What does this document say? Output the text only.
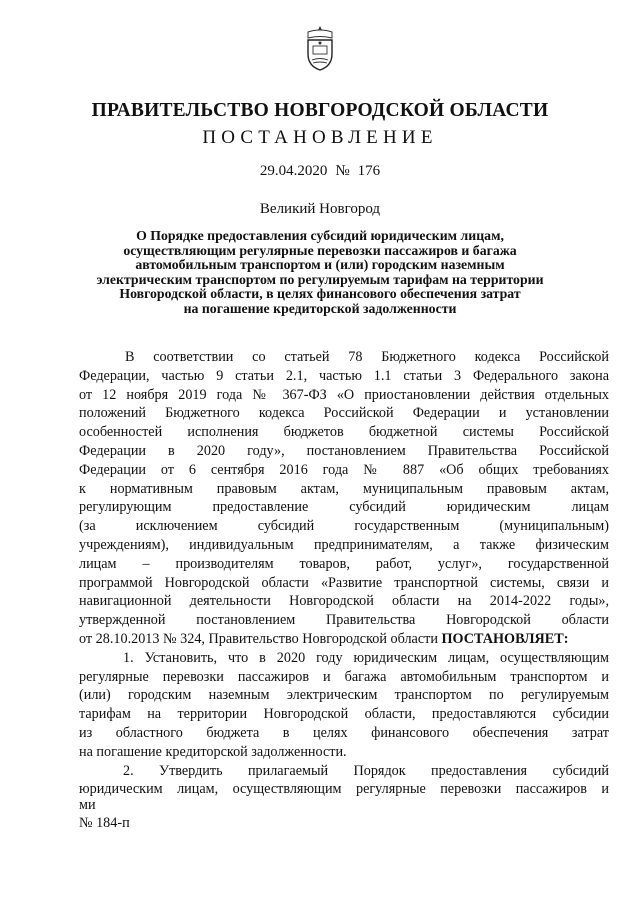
ПРАВИТЕЛЬСТВО НОВГОРОДСКОЙ ОБЛАСТИ
ПОСТАНОВЛЕНИЕ
29.04.2020 № 176
Великий Новгород
О Порядке предоставления субсидий юридическим лицам,
осуществляющим регулярные перевозки пассажиров и багажа
автомобильным транспортом и (или) городским наземным
электрическим транспортом по регулируемым тарифам на территории
Новгородской области, в целях финансового обеспечения затрат
на погашение кредиторской задолженности
В соответствии со статьей 78 Бюджетного кодекса Российской
Федерации, частью 9 статьи 2.1, частью 1.1 статьи 3 Федерального закона
от 12 ноября 2019 года № 367-ФЗ «О приостановлении действия отдельных
положений Бюджетного кодекса Российской Федерации и установлении
особенностей исполнения бюджетов бюджетной системы Российской
Федерации в 2020 году», постановлением Правительства Российской
Федерации от 6 сентября 2016 года № 887 «Об общих требованиях
к нормативным правовым актам, муниципальным правовым актам,
регулирующим предоставление субсидий юридическим лицам
(за исключением субсидий государственным (муниципальным)
учреждениям), индивидуальным предпринимателям, а также физическим
лицам – производителям товаров, работ, услуг», государственной
программой Новгородской области «Развитие транспортной системы, связи и
навигационной деятельности Новгородской области на 2014-2022 годы»,
утвержденной постановлением Правительства Новгородской области
от 28.10.2013 № 324, Правительство Новгородской области ПОСТАНОВЛЯЕТ:
1. Установить, что в 2020 году юридическим лицам, осуществляющим
регулярные перевозки пассажиров и багажа автомобильным транспортом и
(или) городским наземным электрическим транспортом по регулируемым
тарифам на территории Новгородской области, предоставляются субсидии
из областного бюджета в целях финансового обеспечения затрат
на погашение кредиторской задолженности.
2. Утвердить прилагаемый Порядок предоставления субсидий
юридическим лицам, осуществляющим регулярные перевозки пассажиров и
ми
№ 184-п
